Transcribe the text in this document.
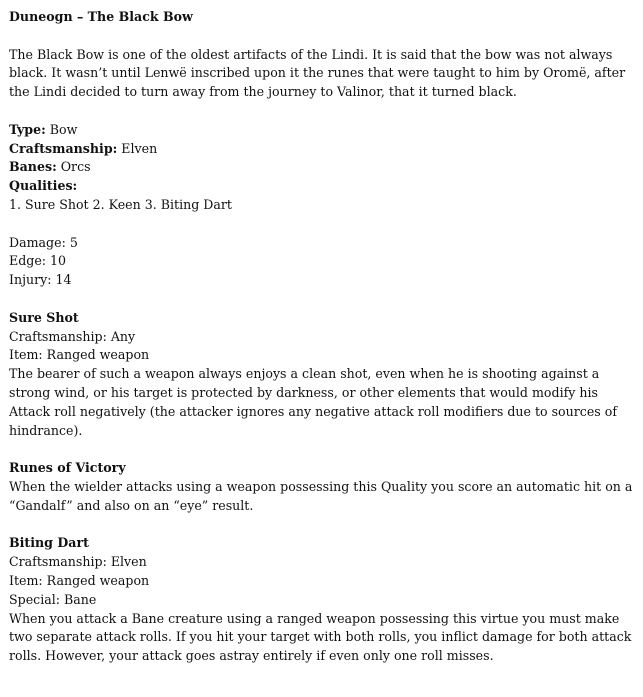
Duneogn – The Black Bow
The Black Bow is one of the oldest artifacts of the Lindi. It is said that the bow was not always black. It wasn’t until Lenwë inscribed upon it the runes that were taught to him by Oromë, after the Lindi decided to turn away from the journey to Valinor, that it turned black.
Type: Bow
Craftsmanship: Elven
Banes: Orcs
Qualities:
1. Sure Shot 2. Keen 3. Biting Dart
Damage: 5
Edge: 10
Injury: 14
Sure Shot
Craftsmanship: Any
Item: Ranged weapon
The bearer of such a weapon always enjoys a clean shot, even when he is shooting against a strong wind, or his target is protected by darkness, or other elements that would modify his Attack roll negatively (the attacker ignores any negative attack roll modifiers due to sources of hindrance).
Runes of Victory
When the wielder attacks using a weapon possessing this Quality you score an automatic hit on a “Gandalf” and also on an “eye” result.
Biting Dart
Craftsmanship: Elven
Item: Ranged weapon
Special: Bane
When you attack a Bane creature using a ranged weapon possessing this virtue you must make two separate attack rolls. If you hit your target with both rolls, you inflict damage for both attack rolls. However, your attack goes astray entirely if even only one roll misses.
